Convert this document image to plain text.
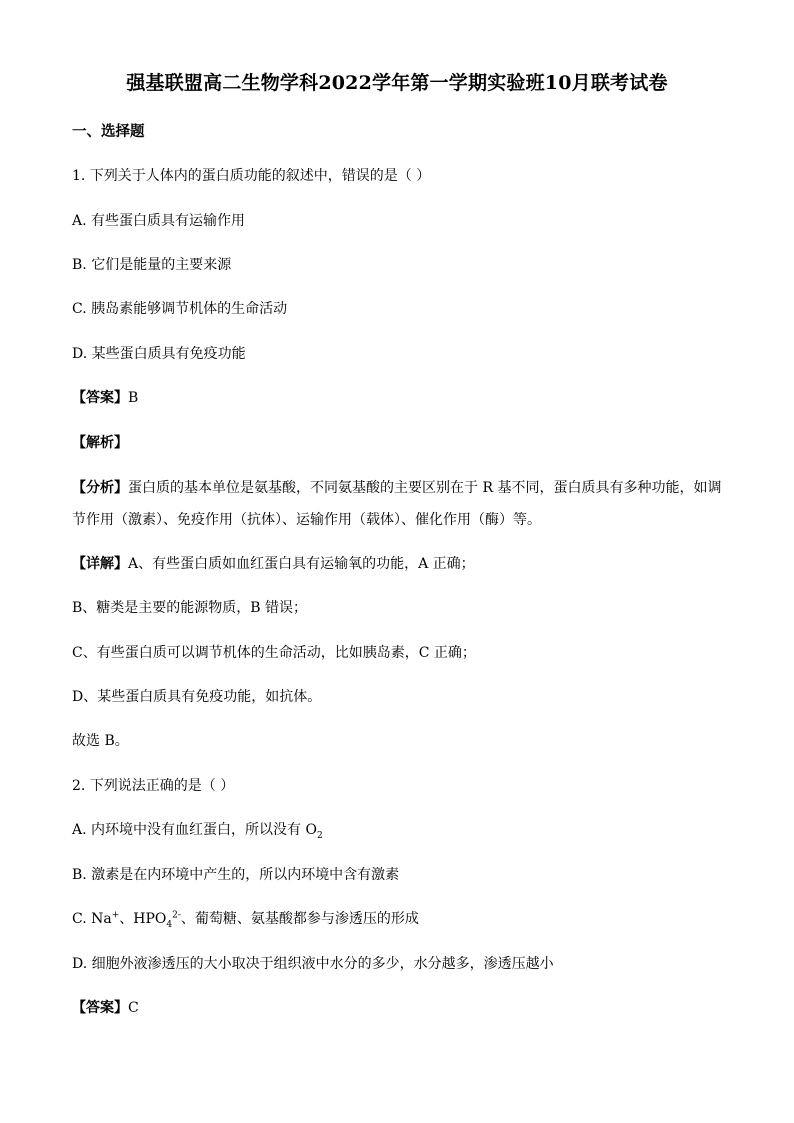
强基联盟高二生物学科2022学年第一学期实验班10月联考试卷
一、选择题
1. 下列关于人体内的蛋白质功能的叙述中，错误的是（ ）
A. 有些蛋白质具有运输作用
B. 它们是能量的主要来源
C. 胰岛素能够调节机体的生命活动
D. 某些蛋白质具有免疫功能
【答案】B
【解析】
【分析】蛋白质的基本单位是氨基酸，不同氨基酸的主要区别在于 R 基不同，蛋白质具有多种功能，如调
节作用（激素）、免疫作用（抗体）、运输作用（载体）、催化作用（酶）等。
【详解】A、有些蛋白质如血红蛋白具有运输氧的功能，A 正确；
B、糖类是主要的能源物质，B 错误；
C、有些蛋白质可以调节机体的生命活动，比如胰岛素，C 正确；
D、某些蛋白质具有免疫功能，如抗体。
故选 B。
2. 下列说法正确的是（ ）
A. 内环境中没有血红蛋白，所以没有 $O_2$
B. 激素是在内环境中产生的，所以内环境中含有激素
C. Na+、$HPO_4^{2-}$、葡萄糖、氨基酸都参与渗透压的形成
D. 细胞外液渗透压的大小取决于组织液中水分的多少，水分越多，渗透压越小
【答案】C
